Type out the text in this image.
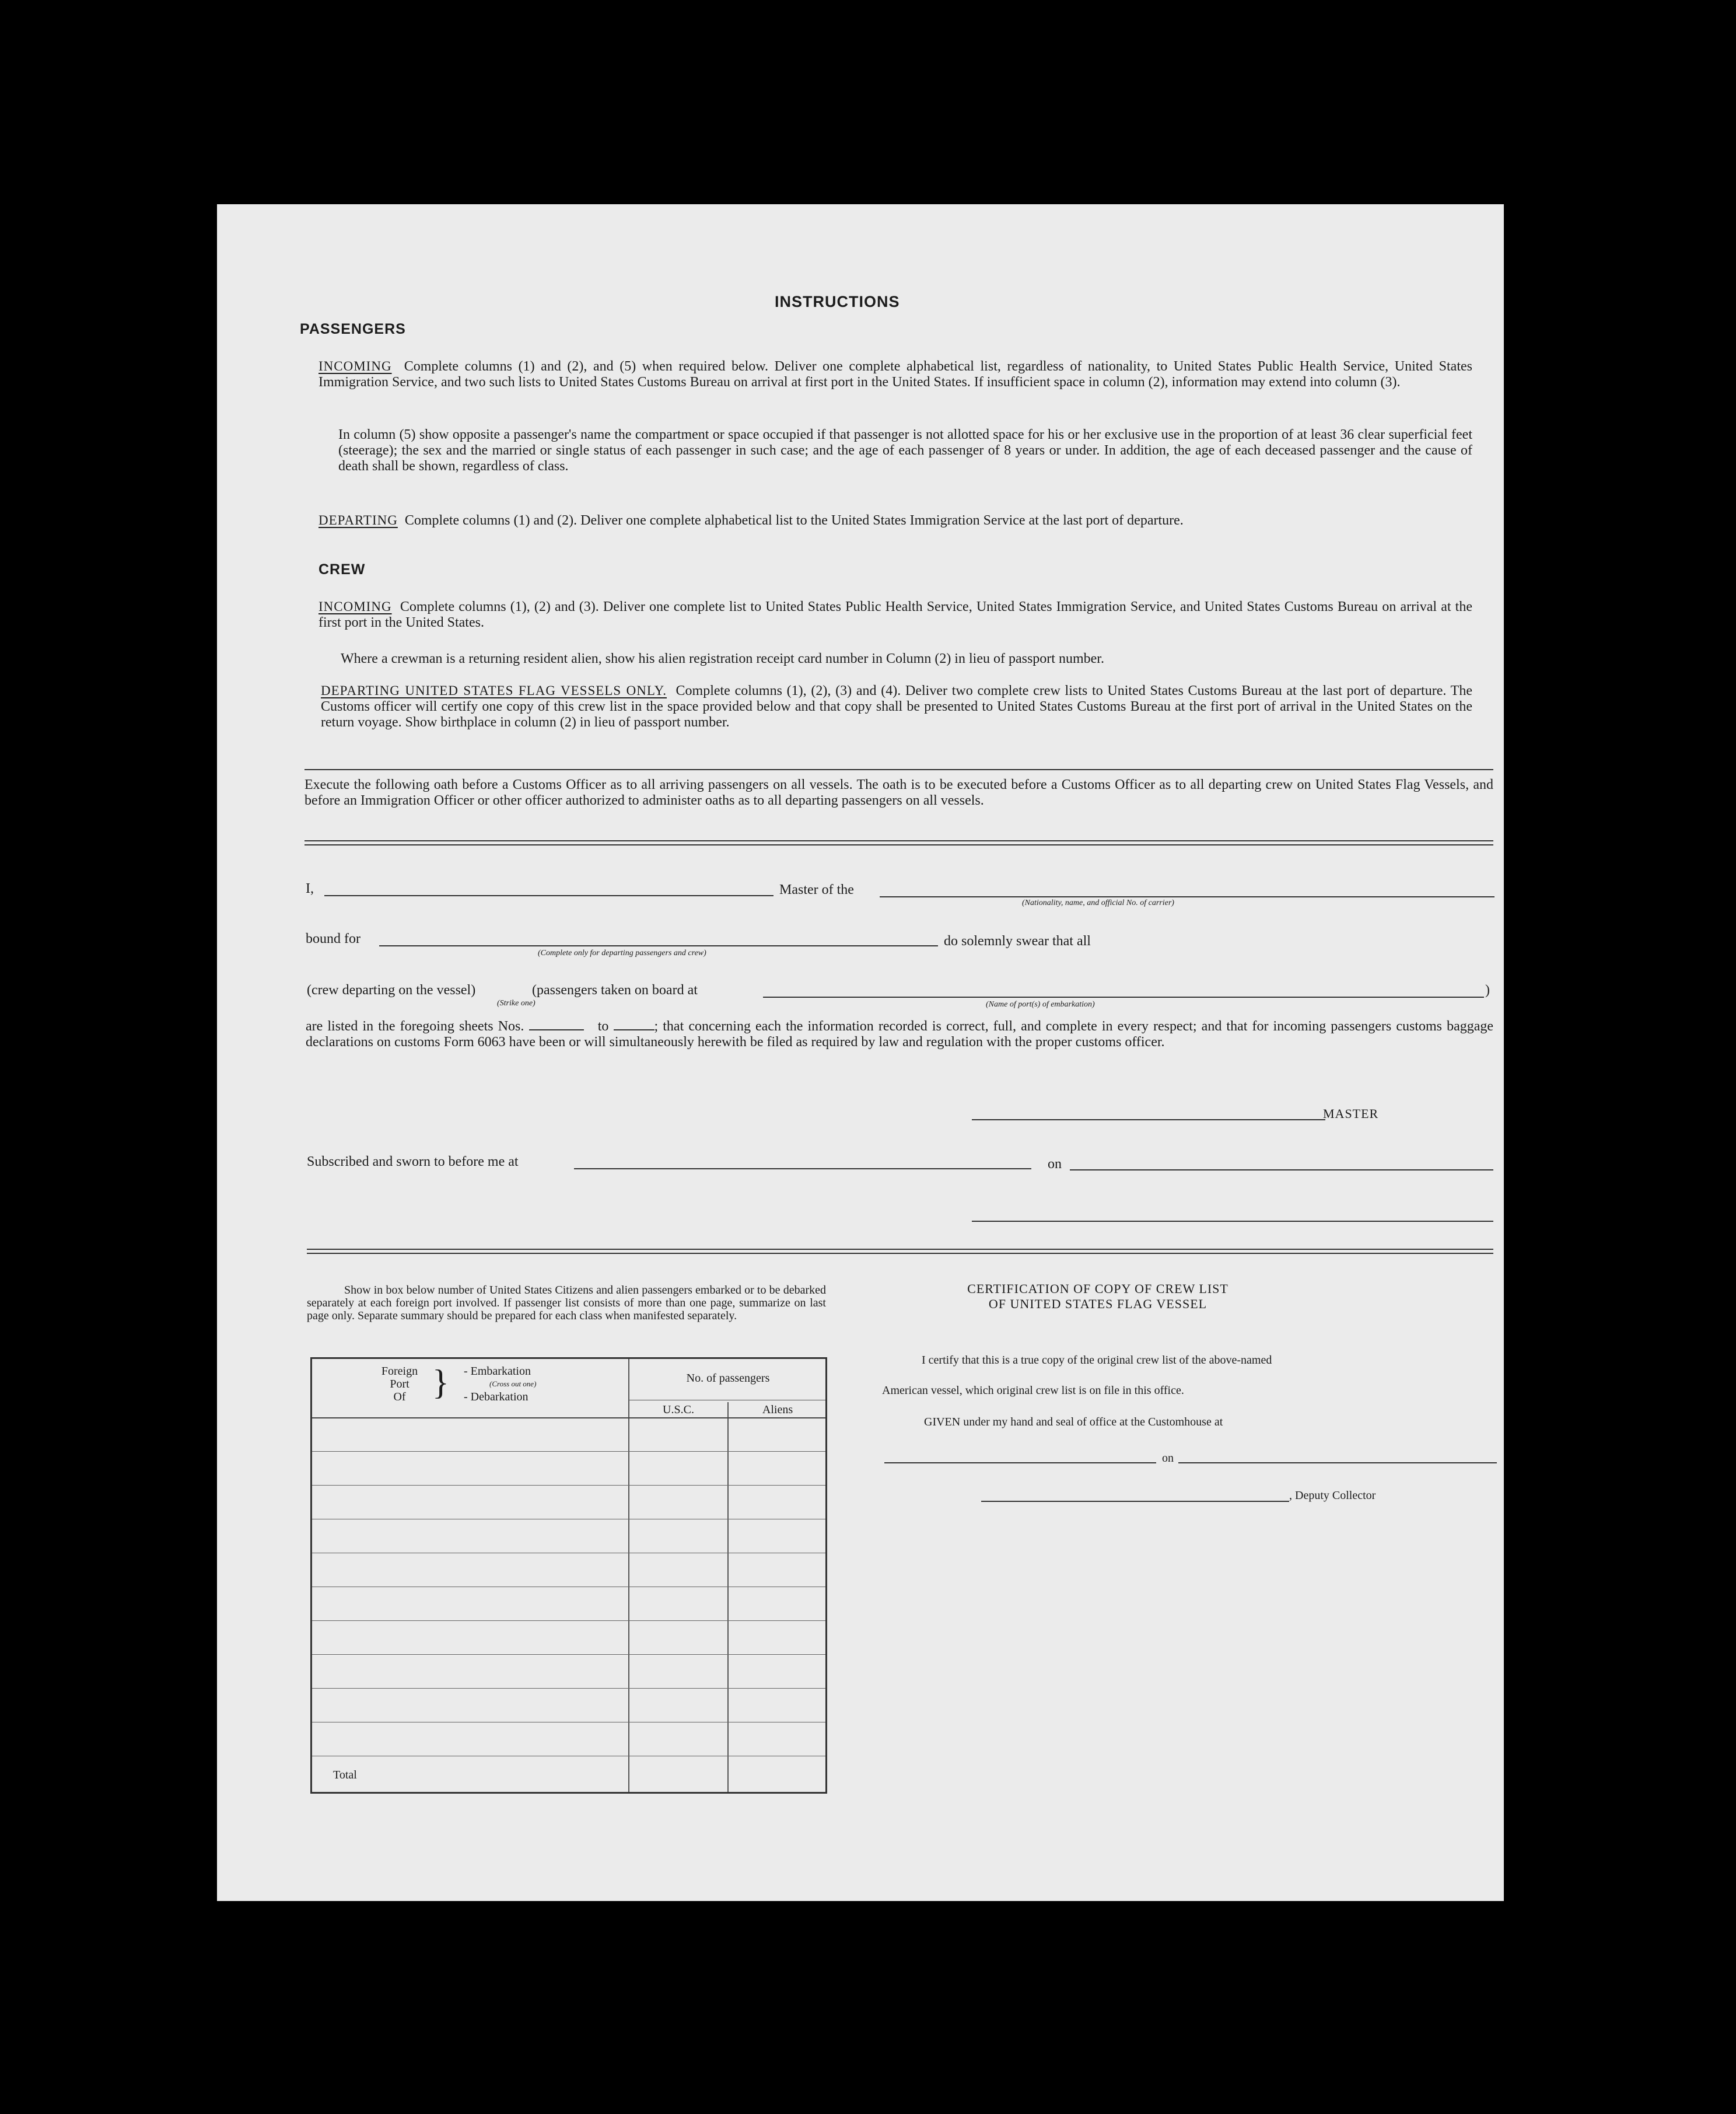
INSTRUCTIONS
PASSENGERS
INCOMING Complete columns (1) and (2), and (5) when required below. Deliver one complete alphabetical list, regardless of nationality, to United States Public Health Service, United States Immigration Service, and two such lists to United States Customs Bureau on arrival at first port in the United States. If insufficient space in column (2), information may extend into column (3).
In column (5) show opposite a passenger's name the compartment or space occupied if that passenger is not allotted space for his or her exclusive use in the proportion of at least 36 clear superficial feet (steerage); the sex and the married or single status of each passenger in such case; and the age of each passenger of 8 years or under. In addition, the age of each deceased passenger and the cause of death shall be shown, regardless of class.
DEPARTING Complete columns (1) and (2). Deliver one complete alphabetical list to the United States Immigration Service at the last port of departure.
CREW
INCOMING Complete columns (1), (2) and (3). Deliver one complete list to United States Public Health Service, United States Immigration Service, and United States Customs Bureau on arrival at the first port in the United States.
Where a crewman is a returning resident alien, show his alien registration receipt card number in Column (2) in lieu of passport number.
DEPARTING UNITED STATES FLAG VESSELS ONLY. Complete columns (1), (2), (3) and (4). Deliver two complete crew lists to United States Customs Bureau at the last port of departure. The Customs officer will certify one copy of this crew list in the space provided below and that copy shall be presented to United States Customs Bureau at the first port of arrival in the United States on the return voyage. Show birthplace in column (2) in lieu of passport number.
Execute the following oath before a Customs Officer as to all arriving passengers on all vessels. The oath is to be executed before a Customs Officer as to all departing crew on United States Flag Vessels, and before an Immigration Officer or other officer authorized to administer oaths as to all departing passengers on all vessels.
I,	Master of the
(Nationality, name, and official No. of carrier)
bound for
(Complete only for departing passengers and crew)
do solemnly swear that all
(crew departing on the vessel)	(passengers taken on board at
(Strike one)
)
(Name of port(s) of embarkation)
are listed in the foregoing sheets Nos.	to	; that concerning each the information recorded is correct, full, and complete in every respect; and that for incoming passengers customs baggage declarations on customs Form 6063 have been or will simultaneously herewith be filed as required by law and regulation with the proper customs officer.
MASTER
Subscribed and sworn to before me at	on
Show in box below number of United States Citizens and alien passengers embarked or to be debarked separately at each foreign port involved. If passenger list consists of more than one page, summarize on last page only. Separate summary should be prepared for each class when manifested separately.
Foreign
Port
Of } - Embarkation
(Cross out one)
- Debarkation
No. of passengers
U.S.C.	Aliens
Total
CERTIFICATION OF COPY OF CREW LIST
OF UNITED STATES FLAG VESSEL
I certify that this is a true copy of the original crew list of the above-named
American vessel, which original crew list is on file in this office.
GIVEN under my hand and seal of office at the Customhouse at
on
, Deputy Collector
